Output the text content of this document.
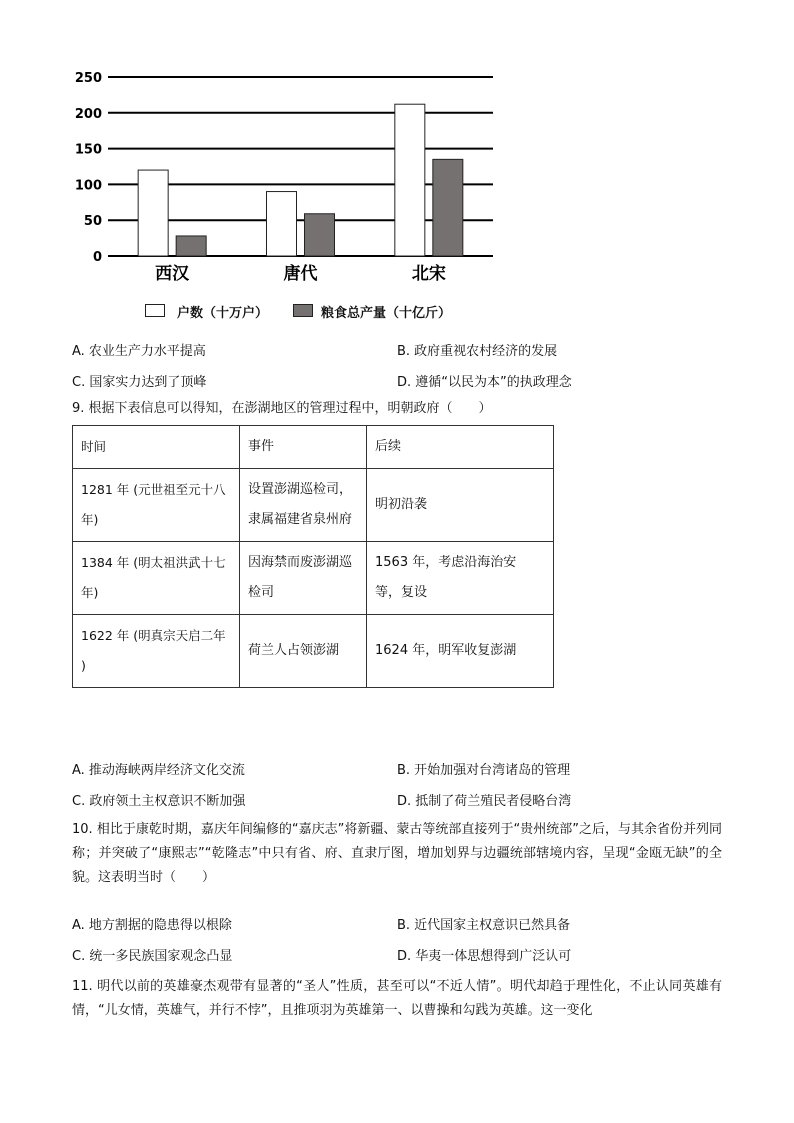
250
200
150
100
50
0
西汉	唐代	北宋
户数（十万户）	粮食总产量（十亿斤）
A. 农业生产力水平提高	B. 政府重视农村经济的发展
C. 国家实力达到了顶峰	D. 遵循“以民为本”的执政理念
9. 根据下表信息可以得知，在澎湖地区的管理过程中，明朝政府（　　）
时间	事件	后续
1281 年 (元世祖至元十八年)	设置澎湖巡检司，隶属福建省泉州府	明初沿袭
1384 年 (明太祖洪武十七年)	因海禁而废澎湖巡检司	1563 年，考虑沿海治安 等，复设
1622 年 (明真宗天启二年 )	荷兰人占领澎湖	1624 年，明军收复澎湖
A. 推动海峡两岸经济文化交流	B. 开始加强对台湾诸岛的管理
C. 政府领土主权意识不断加强	D. 抵制了荷兰殖民者侵略台湾
10. 相比于康乾时期，嘉庆年间编修的“嘉庆志”将新疆、蒙古等统部直接列于“贵州统部”之后，与其余省份并列同称；并突破了“康熙志”“乾隆志”中只有省、府、直隶厅图，增加划界与边疆统部辖境内容，呈现“金瓯无缺”的全貌。这表明当时（　　）
A. 地方割据的隐患得以根除	B. 近代国家主权意识已然具备
C. 统一多民族国家观念凸显	D. 华夷一体思想得到广泛认可
11. 明代以前的英雄豪杰观带有显著的“圣人”性质，甚至可以“不近人情”。明代却趋于理性化，不止认同英雄有情，“儿女情，英雄气，并行不悖”，且推项羽为英雄第一、以曹操和勾践为英雄。这一变化
